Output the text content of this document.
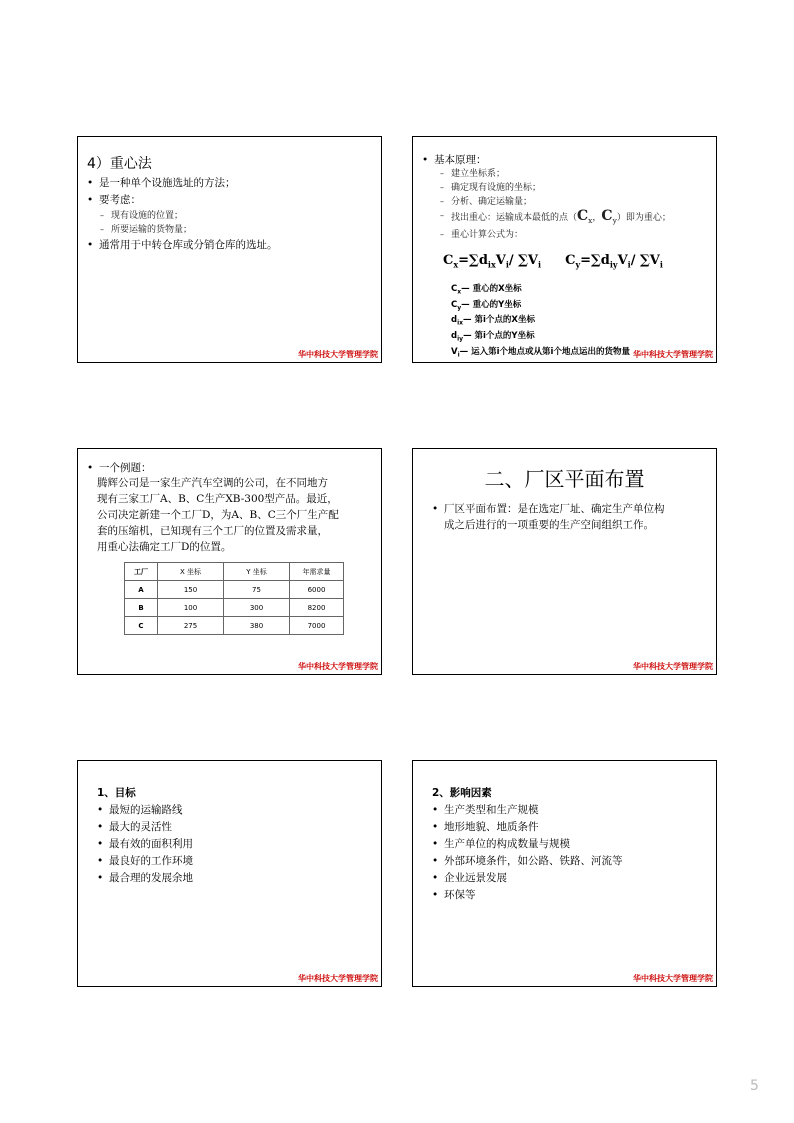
4）重心法

• 是一种单个设施选址的方法；
• 要考虑：
– 现有设施的位置；
– 所要运输的货物量；
• 通常用于中转仓库或分销仓库的选址。
华中科技大学管理学院
• 基本原理：
– 建立坐标系；
– 确定现有设施的坐标；
– 分析、确定运输量；
– 找出重心：运输成本最低的点（$C_x$，$C_y$）即为重心；
– 重心计算公式为：
$C_x=\sum d_{ix}V_i/$ $\sum V_i$ $C_y=\sum d_{iy}V_i/$ $\sum V_i$
$C_x—$ 重心的X坐标
$C_y—$ 重心的Y坐标
$d_{ix}—$ 第i个点的X坐标
$d_{iy}—$ 第i个点的Y坐标
$V_i—$ 运入第i个地点或从第i个地点运出的货物量 华中科技大学管理学院
• 一个例题：
腾辉公司是一家生产汽车空调的公司，在不同地方
现有三家工厂A、B、C生产XB-300型产品。最近，
公司决定新建一个工厂D，为A、B、C三个厂生产配
套的压缩机，已知现有三个工厂的位置及需求量，
用重心法确定工厂D的位置。
工厂	X 坐标	Y 坐标	年需求量
A	150	75	6000
B	100	300	8200
C	275	380	7000
华中科技大学管理学院
二、厂区平面布置
• 厂区平面布置：是在选定厂址、确定生产单位构
成之后进行的一项重要的生产空间组织工作。
华中科技大学管理学院
1、目标
• 最短的运输路线
• 最大的灵活性
• 最有效的面积利用
• 最良好的工作环境
• 最合理的发展余地
华中科技大学管理学院
2、影响因素
• 生产类型和生产规模
• 地形地貌、地质条件
• 生产单位的构成数量与规模
• 外部环境条件，如公路、铁路、河流等
• 企业远景发展
• 环保等
华中科技大学管理学院
5
